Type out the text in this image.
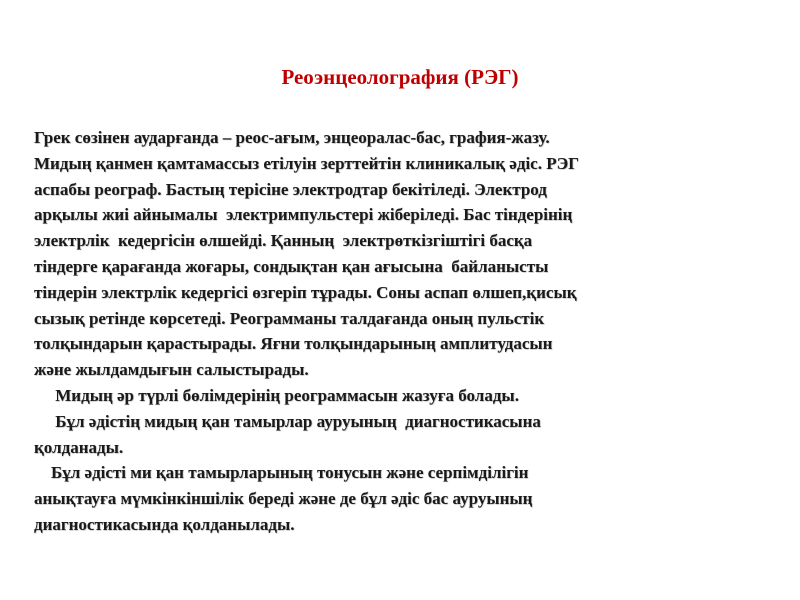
Реоэнцеолография (РЭГ)
Грек сөзінен аударғанда – реос-ағым, энцеоралас-бас, графия-жазу.
Мидың қанмен қамтамассыз етілуін зерттейтін клиникалық әдіс. РЭГ
аспабы реограф. Бастың терісіне электродтар бекітіледі. Электрод
арқылы жиі айнымалы  электримпульстері жіберіледі. Бас тіндерінің
электрлік  кедергісін өлшейді. Қанның  электрөткізгіштігі басқа
тіндерге қарағанда жоғары, сондықтан қан ағысына  байланысты
тіндерін электрлік кедергісі өзгеріп тұрады. Соны аспап өлшеп,қисық
сызық ретінде көрсетеді. Реограмманы талдағанда оның пульстік
толқындарын қарастырады. Яғни толқындарының амплитудасын
және жылдамдығын салыстырады.
Мидың әр түрлі бөлімдерінің реограммасын жазуға болады.
Бұл әдістің мидың қан тамырлар ауруының  диагностикасына
қолданады.
Бұл әдісті ми қан тамырларының тонусын және серпімділігін
анықтауға мүмкінкіншілік береді және де бұл әдіс бас ауруының
диагностикасында қолданылады.
